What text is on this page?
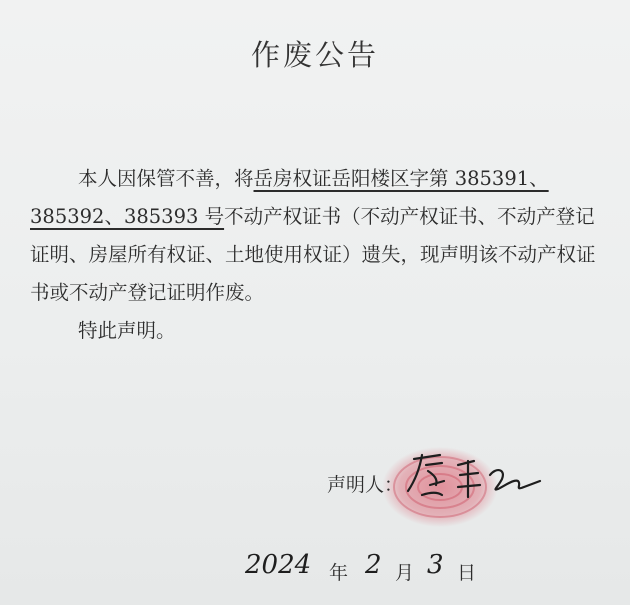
作废公告

本人因保管不善，将岳房权证岳阳楼区字第 385391、385392、385393 号不动产权证书（不动产权证书、不动产登记证明、房屋所有权证、土地使用权证）遗失，现声明该不动产权证书或不动产登记证明作废。

特此声明。

声明人：
2024 年 2 月 3 日
